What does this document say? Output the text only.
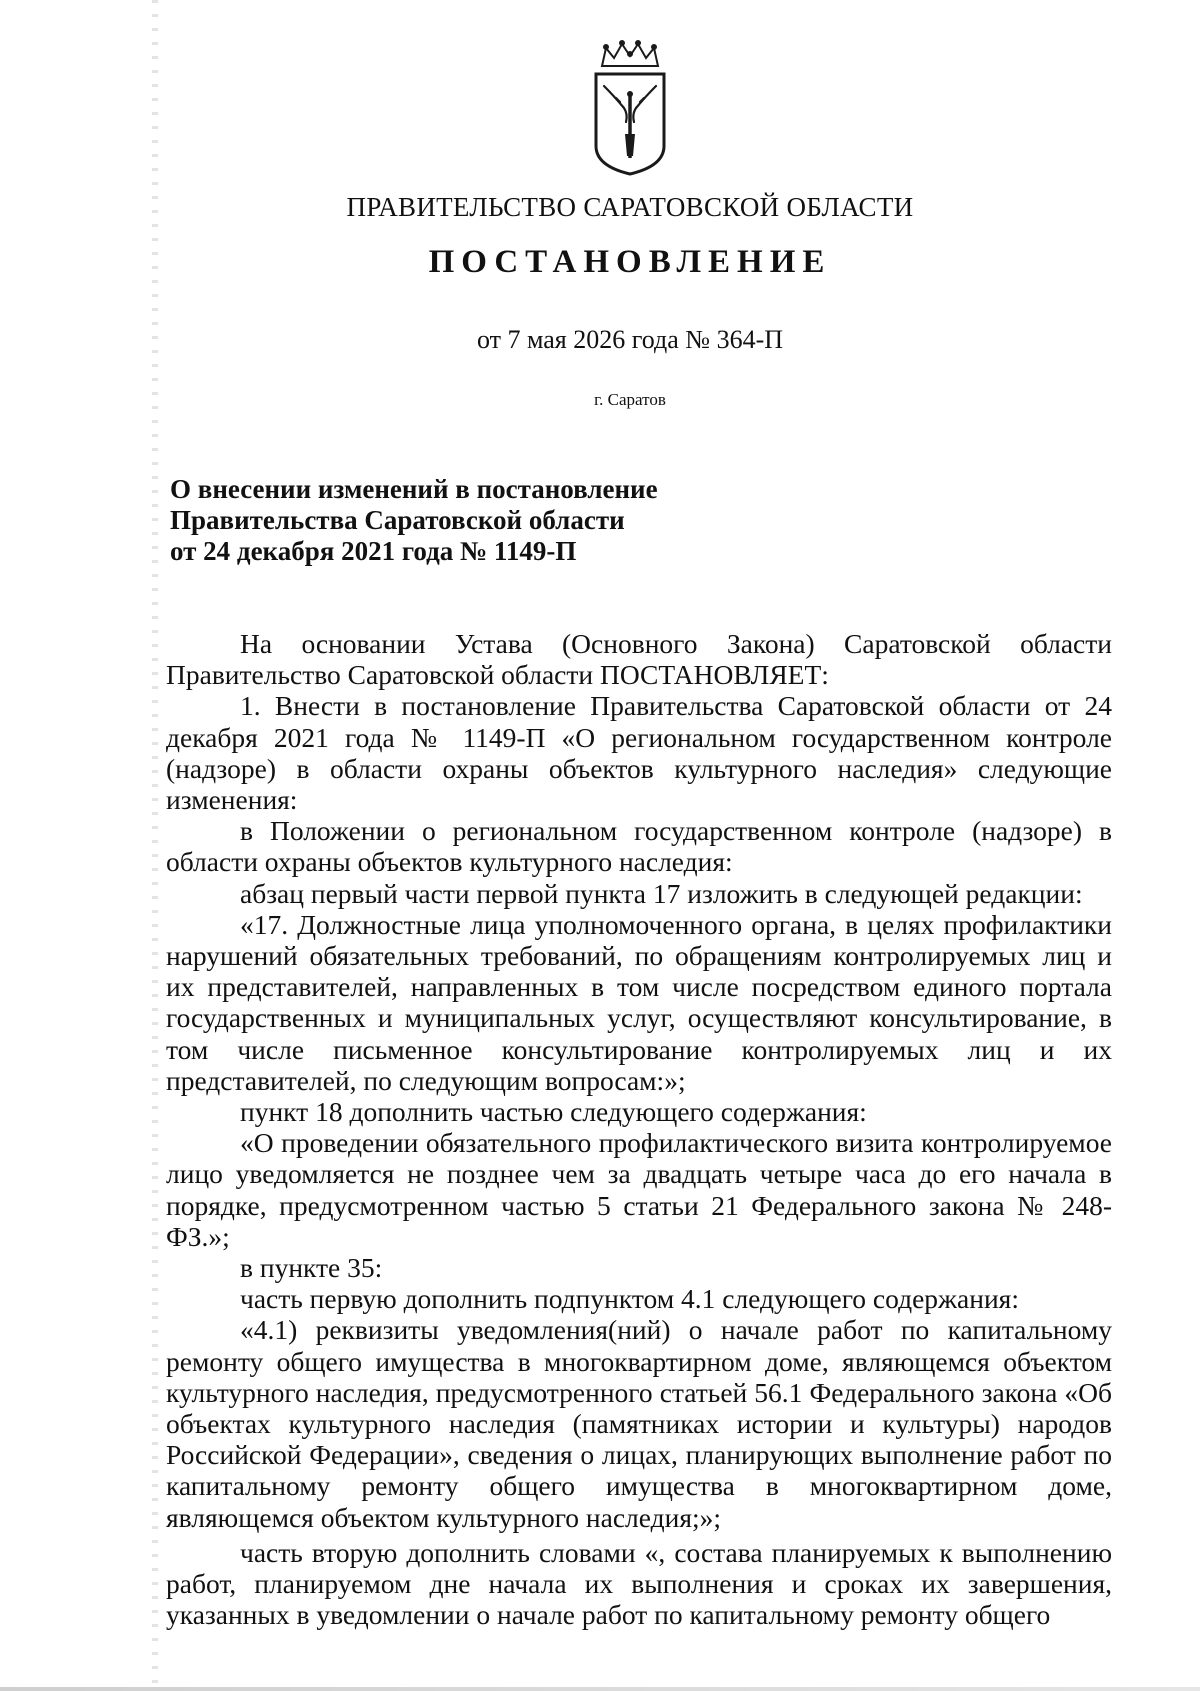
ПРАВИТЕЛЬСТВО САРАТОВСКОЙ ОБЛАСТИ
ПОСТАНОВЛЕНИЕ
от 7 мая 2026 года № 364-П
г. Саратов
О внесении изменений в постановление
Правительства Саратовской области
от 24 декабря 2021 года № 1149-П

На основании Устава (Основного Закона) Саратовской области Правительство Саратовской области ПОСТАНОВЛЯЕТ:

1. Внести в постановление Правительства Саратовской области от 24 декабря 2021 года № 1149-П «О региональном государственном контроле (надзоре) в области охраны объектов культурного наследия» следующие изменения:

в Положении о региональном государственном контроле (надзоре) в области охраны объектов культурного наследия:

абзац первый части первой пункта 17 изложить в следующей редакции:

«17. Должностные лица уполномоченного органа, в целях профилактики нарушений обязательных требований, по обращениям контролируемых лиц и их представителей, направленных в том числе посредством единого портала государственных и муниципальных услуг, осуществляют консультирование, в том числе письменное консультирование контролируемых лиц и их представителей, по следующим вопросам:»;

пункт 18 дополнить частью следующего содержания:

«О проведении обязательного профилактического визита контролируемое лицо уведомляется не позднее чем за двадцать четыре часа до его начала в порядке, предусмотренном частью 5 статьи 21 Федерального закона № 248-ФЗ.»;

в пункте 35:

часть первую дополнить подпунктом 4.1 следующего содержания:

«4.1) реквизиты уведомления(ний) о начале работ по капитальному ремонту общего имущества в многоквартирном доме, являющемся объектом культурного наследия, предусмотренного статьей 56.1 Федерального закона «Об объектах культурного наследия (памятниках истории и культуры) народов Российской Федерации», сведения о лицах, планирующих выполнение работ по капитальному ремонту общего имущества в многоквартирном доме, являющемся объектом культурного наследия;»;

часть вторую дополнить словами «, состава планируемых к выполнению работ, планируемом дне начала их выполнения и сроках их завершения, указанных в уведомлении о начале работ по капитальному ремонту общего
